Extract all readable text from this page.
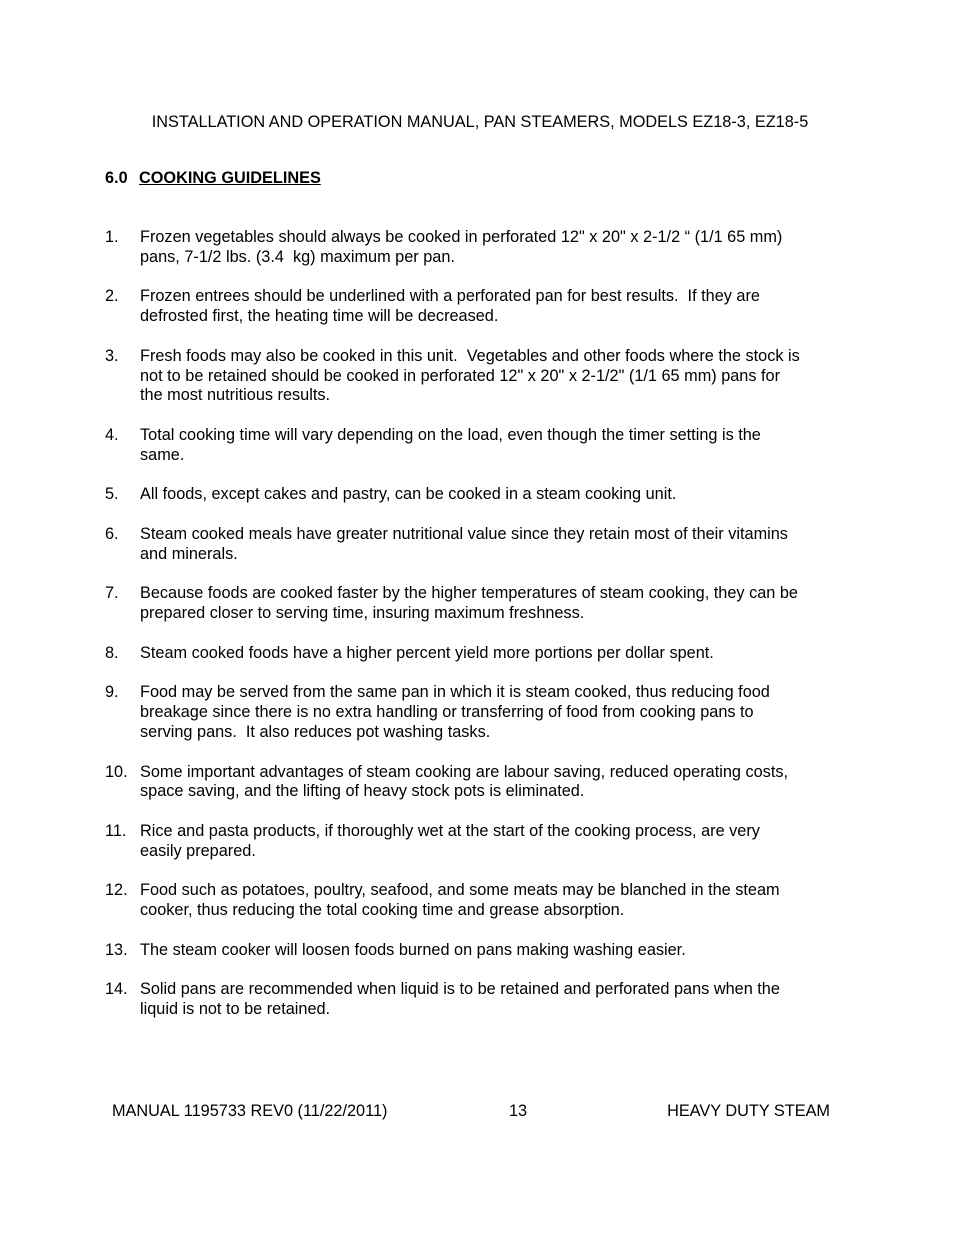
INSTALLATION AND OPERATION MANUAL, PAN STEAMERS, MODELS EZ18-3, EZ18-5
6.0 COOKING GUIDELINES
1. Frozen vegetables should always be cooked in perforated 12" x 20" x 2-1/2 “ (1/1 65 mm)
pans, 7-1/2 lbs. (3.4  kg) maximum per pan.
2. Frozen entrees should be underlined with a perforated pan for best results.  If they are
defrosted first, the heating time will be decreased.
3. Fresh foods may also be cooked in this unit.  Vegetables and other foods where the stock is
not to be retained should be cooked in perforated 12" x 20" x 2-1/2" (1/1 65 mm) pans for
the most nutritious results.
4. Total cooking time will vary depending on the load, even though the timer setting is the
same.
5. All foods, except cakes and pastry, can be cooked in a steam cooking unit.
6. Steam cooked meals have greater nutritional value since they retain most of their vitamins
and minerals.
7. Because foods are cooked faster by the higher temperatures of steam cooking, they can be
prepared closer to serving time, insuring maximum freshness.
8. Steam cooked foods have a higher percent yield more portions per dollar spent.
9. Food may be served from the same pan in which it is steam cooked, thus reducing food
breakage since there is no extra handling or transferring of food from cooking pans to
serving pans.  It also reduces pot washing tasks.
10. Some important advantages of steam cooking are labour saving, reduced operating costs,
space saving, and the lifting of heavy stock pots is eliminated.
11. Rice and pasta products, if thoroughly wet at the start of the cooking process, are very
easily prepared.
12. Food such as potatoes, poultry, seafood, and some meats may be blanched in the steam
cooker, thus reducing the total cooking time and grease absorption.
13. The steam cooker will loosen foods burned on pans making washing easier.
14. Solid pans are recommended when liquid is to be retained and perforated pans when the
liquid is not to be retained.
MANUAL 1195733 REV0 (11/22/2011)	13	HEAVY DUTY STEAM
